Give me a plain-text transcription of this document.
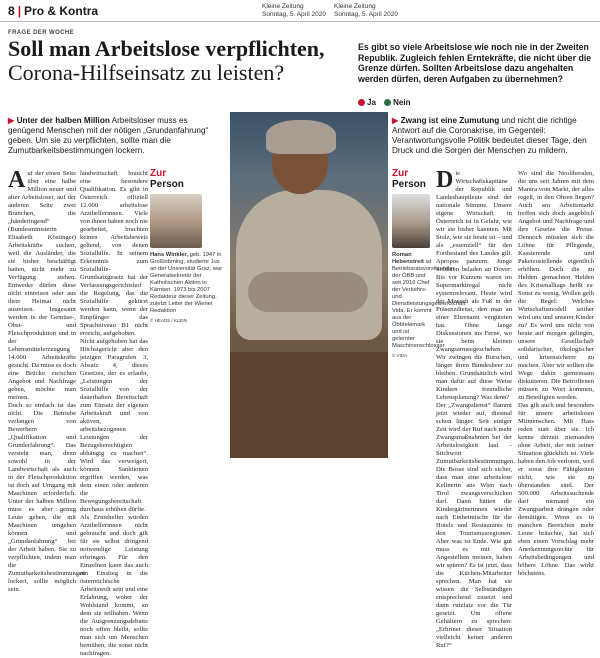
8 | Pro & Kontra	Kleine Zeitung
Sonntag, 5. April 2020
Kleine Zeitung
Sonntag, 5. April 2020
FRAGE DER WOCHE
Soll man Arbeitslose verpflichten,
Corona-Hilfseinsatz zu leisten?
Es gibt so viele Arbeitslose wie noch nie in der Zweiten Republik. Zugleich fehlen Erntekräfte, die nicht über die Grenze dürfen. Sollten Arbeitslose dazu angehalten werden dürfen, deren Aufgaben zu übernehmen?
Ja Nein
▶ Unter der halben Million Arbeitsloser muss es genügend Menschen mit der nötigen „Grundanfahrung“ geben. Um sie zu verpflichten, sollte man die Zumutbarkeitsbestimmungen lockern.
A uf der einen Seite über eine halbe Million neuer und alter Arbeitsloser, auf der anderen Seite zwei Branchen, die „händeringend“ (Bundesministerin Elisabeth Köstinger) Arbeitskräfte suchen, weil die Ausländer, die sie bisher beschäftigt hatten, nicht mehr zu Verfügung stehen. Entweder dürfen diese nicht einreisen oder aus ihrer Heimat nicht ausreisen. Insgesamt werden in der Gemüse-, Obst- und Fleischproduktion und in der Lebensmittelerzeugung 14.000 Arbeitskräfte gesucht. Da muss es doch eine Brücke zwischen Angebot und Nachfrage geben, möchte man meinen.

Doch so einfach ist das nicht. Die Betriebe verlangen von Bewerbern „Qualifikation und Grunderfahrung“. Das versteht man, denn sowohl in der Landwirtschaft als auch in der Fleischproduktion ist doch auf Umgang mit Maschinen erforderlich. Unter der halben Million muss es aber genug Leute geben, die mit Maschinen umgehen können und „Grundanfahrung“ bei der Arbeit haben. Sie zu verpflichten, indem man die Zumutbarkeitsbestimmungen lockert, sollte möglich sein.

landwirtschaft braucht eine besondere Qualifikation. Es gibt in Österreich offiziell 12.000 arbeitslose Arzthelferinnen. Viele von ihnen haben noch nie gearbeitet, brachten keinen Arbeitsbeweis geltend, von denen Sozialhilfe. In seinem Erkenntnis zum Sozialhilfe-Grundsatzgesetz hat der Verfassungsgerichtshof die Regelung, das die Sozialhilfe gekürzt werden kann, wenn der Empfänger das Sprachniveau B1 nicht erreicht, aufgehoben.

Nicht aufgehoben hat das Höchstgericht aber den jetzigen Paragrafen 3, Absatz 4, dieses Gesetzes, der es erlaubt, „Leistungen der Sozialhilfe von der dauerhaften Bereitschaft zum Einsatz der eigenen Arbeitskraft und von aktiven, arbeitsbezogenen Leistungen der Bezugsberechtigten abhängig zu machen“. Wird das verweigert, können Sanktionen ergriffen werden, was dem einen oder anderen die Bewegungsbereitschaft durchaus erhöhen dürfte.

Als Erntehelfer würden Arzthelferinnen nicht gebraucht und doch gilt für sie selbst dringend notwendige Leistung erbringen. Für den Einzelnen kann das auch ein Einstieg in die österreichische Arbeitswelt sein und eine Erfahrung, woher der Wohlstand kommt, an dem sie teilhaben. Wenn die Ausgrenzungsdebatte noch offen bleibt, sollte man sich um Menschen bemühen, die sonst nicht nachfragen.

Zur
Person
Hans Winkler, geb. 1947 in Großlobming, studierte Jus an der Universität Graz, war Generalsekretär der Katholischen Aktion in Kärnten. 1973 bis 2007 Redakteur dieser Zeitung, zuletzt Leiter der Wiener Redaktion
© HEADS / KLEIN
▶ Zwang ist eine Zumutung und nicht die richtige Antwort auf die Coronakrise, im Gegenteil: Verantwortungsvolle Politik bedeutet dieser Tage, den Druck und die Sorgen der Menschen zu mildern.
Zur
Person
Roman Hebenstreit ist Betriebsratsvorsitzender der ÖBB und seit 2016 Chef der Verkehrs- und Dienstleistungsgewerkschaft Vida. Er kommt aus der Öbbtelemark und ist gelernter Maschinenschlosser
© VIDA
D ie Wirtschaftskapitäne der Republik und Landeshauptleute sind der nationale Stimme. Unsere eigene Wirtschaft in Österreich ist in Gefahr, wie wir sie bisher kannten. Mit Stolz, wie sie heute ist – und als „essenziell“ für den Fortbestand des Landes gilt. Apropos panzern. Junge Soldaten beladen an Dover: Bis vor Kurzem waren im Supermarktregal nicht systemrelevant. Heute wird der Mensch als Fuß in der Präsenzdienst, den man an einer Ehrenamt vergüteten hat. Ohne lange Diskussionen ins Ferne, wo sie beim kleinen Zwangsarmeegeschehen. Wir zwingen die Burschen, länger ihren Bundesheer zu bleiben. Grundsätzlich wird man dafür auf diese Weise Kindern freundliche Lebensplanung? Was denn?

Der „Zwangsdienst“ flammt jetzt wieder auf, diesmal schon länger. Seit einiger Zeit wird der Ruf nach mehr Zwangsmaßnahmen bei der Arbeitslosigkeit laut – Stichwort Zumutbarkeitsbestimmungen. Die Bosse sind sich sicher, dass man eine arbeitslose Kellnerin aus Wien nach Tirol zwangsverschicken darf. Dann hätten die Kindergärtnerinnen wieder nach Einheimische für die Hotels und Restaurants in den Tourismusregionen. Aber was ist Ende. Wie gut muss es mit den Angestellten meinen, haben wir spüren? Es ist jetzt, dass die Küchen-Mitarbeiter sprechen. Man hat sie wissen die Selbständigen entsprechend zusetzt und dann rutzfatz vor die Tür gesetzt. Um offene Gehältern zu sprechen: „Erbrinet dieser Situation vielleicht keiner anderen Ruf?“

Wo sind die Neoliberalen, die uns seit Jahren mit dem Mantra vom Markt, der alles regelt, in den Ohren liegen? Auch am Arbeitsmarkt treffen sich doch angeblich Angebot und Nachfrage und ihre Gesetze die Preise. Dennoch müssten sich die Löhne für Pflegende, Kassierende und Paketzustellende eigentlich erhöhen. Doch die zu Helden gemachten Helden des Krisenalltags heißt es: Sonst zu wenig. Wollen gelb die Regel: Welches Wirtschaftsmodell seither wird uns und unserer Kinder zu? Es wird uns nicht von heute auf morgen gelingen, unsere Gesellschaft solidarischer, ökologischer und krisensicherer zu machen. Aber wir sollten die Wege dahin gemeinsam diskutieren. Die Betroffenen müssen zu Wort kommen, zu Beteiligten werden.

Das gilt auch und besonders für unsere arbeitslosen Mitmenschen. Mit Hass reden statt über sie. Ich kenne derzeit niemanden ohne Arbeit, der mit seiner Situation glücklich ist. Viele haben den Job verloren, weil er sonst ihre Fähigkeiten nicht, wie sie zu überstanden sind. Der 500.000 Arbeitssuchende darf niemand ein Zwangsarbeit drängen oder demütigen. Wenn es in manchen Bereichen mehr Leute bräuchte, hat sich eben einen Vorschlag mehr Anerkennungsrechte für Arbeitsbedingungen und höhere Löhne. Das wirkt höchstens.
